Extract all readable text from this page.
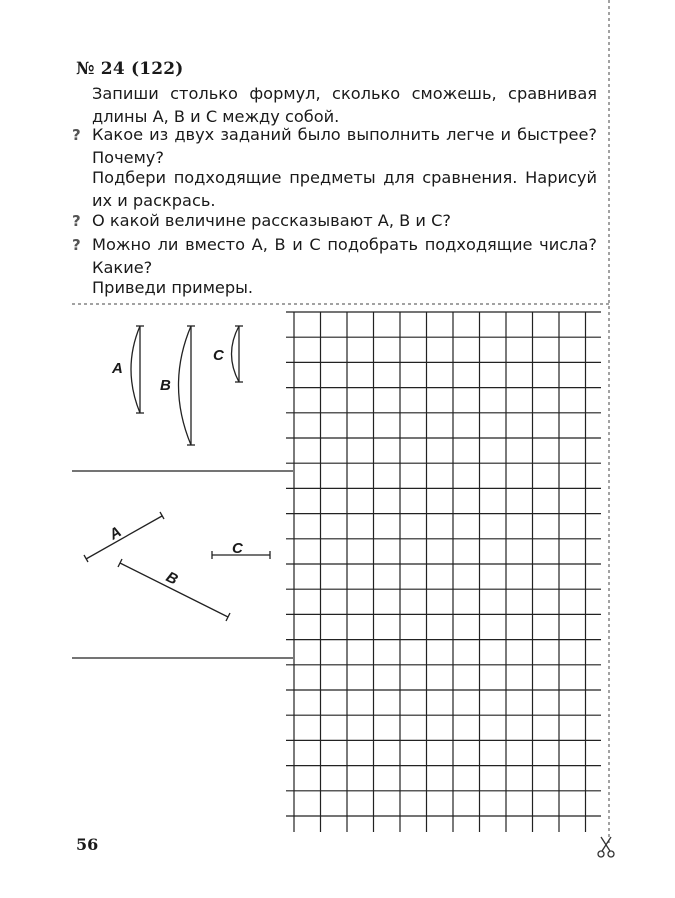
№ 24 (122)
Запиши столько формул, сколько сможешь, сравнивая длины A, B и C между собой.
? Какое из двух заданий было выполнить легче и быстрее? Почему?
Подбери подходящие предметы для сравнения. Нарисуй их и раскрась.
? О какой величине рассказывают A, B и C?
? Можно ли вместо A, B и C подобрать подходящие числа? Какие?
Приведи примеры.
A
B
C
A
B
C
56
